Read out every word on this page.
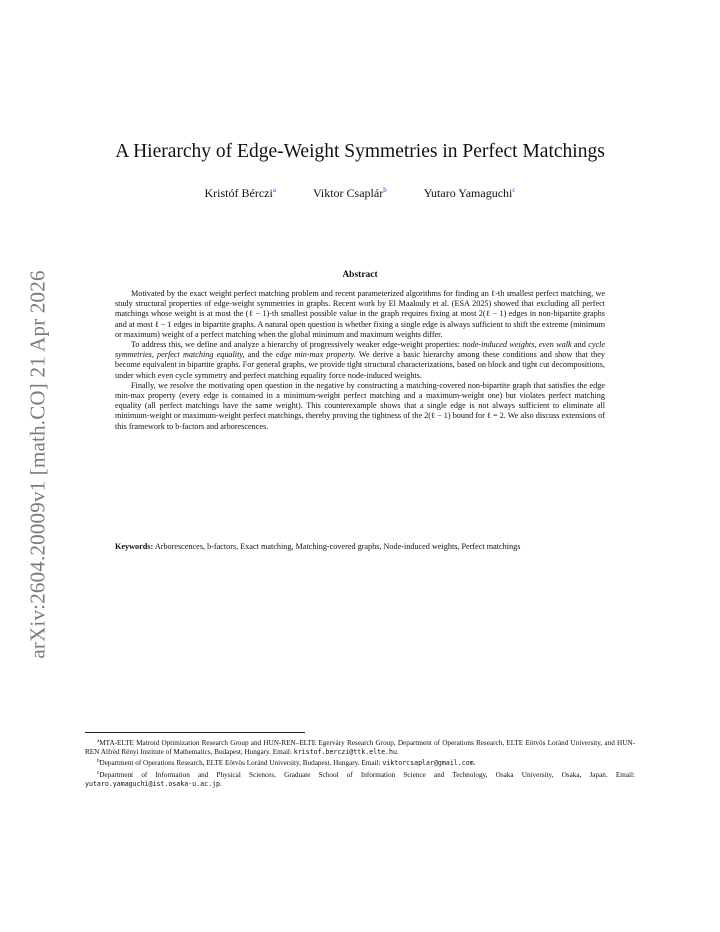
arXiv:2604.20009v1 [math.CO] 21 Apr 2026
A Hierarchy of Edge-Weight Symmetries in Perfect Matchings
Kristóf Bérczi$^a$	Viktor Csaplár$^b$	Yutaro Yamaguchi$^c$
Abstract

Motivated by the exact weight perfect matching problem and recent parameterized algorithms for finding an ℓ-th smallest perfect matching, we study structural properties of edge-weight symmetries in graphs. Recent work by El Maalouly et al. (ESA 2025) showed that excluding all perfect matchings whose weight is at most the (ℓ − 1)-th smallest possible value in the graph requires fixing at most 2(ℓ − 1) edges in non-bipartite graphs and at most ℓ − 1 edges in bipartite graphs. A natural open question is whether fixing a single edge is always sufficient to shift the extreme (minimum or maximum) weight of a perfect matching when the global minimum and maximum weights differ.

To address this, we define and analyze a hierarchy of progressively weaker edge-weight properties: node-induced weights, even walk and cycle symmetries, perfect matching equality, and the edge min-max property. We derive a basic hierarchy among these conditions and show that they become equivalent in bipartite graphs. For general graphs, we provide tight structural characterizations, based on block and tight cut decompositions, under which even cycle symmetry and perfect matching equality force node-induced weights.

Finally, we resolve the motivating open question in the negative by constructing a matching-covered non-bipartite graph that satisfies the edge min-max property (every edge is contained in a minimum-weight perfect matching and a maximum-weight one) but violates perfect matching equality (all perfect matchings have the same weight). This counterexample shows that a single edge is not always sufficient to eliminate all minimum-weight or maximum-weight perfect matchings, thereby proving the tightness of the 2(ℓ − 1) bound for ℓ = 2. We also discuss extensions of this framework to b-factors and arborescences.

Keywords: Arborescences, b-factors, Exact matching, Matching-covered graphs, Node-induced weights, Perfect matchings

$^a$MTA-ELTE Matroid Optimization Research Group and HUN-REN–ELTE Egerváry Research Group, Department of Operations Research, ELTE Eötvös Loránd University, and HUN-REN Alfréd Rényi Institute of Mathematics, Budapest, Hungary. Email: kristof.berczi@ttk.elte.hu.

$^b$Department of Operations Research, ELTE Eötvös Loránd University, Budapest, Hungary. Email: viktorcsaplar@gmail.com.

$^c$Department of Information and Physical Sciences, Graduate School of Information Science and Technology, Osaka University, Osaka, Japan. Email: yutaro.yamaguchi@ist.osaka-u.ac.jp.
